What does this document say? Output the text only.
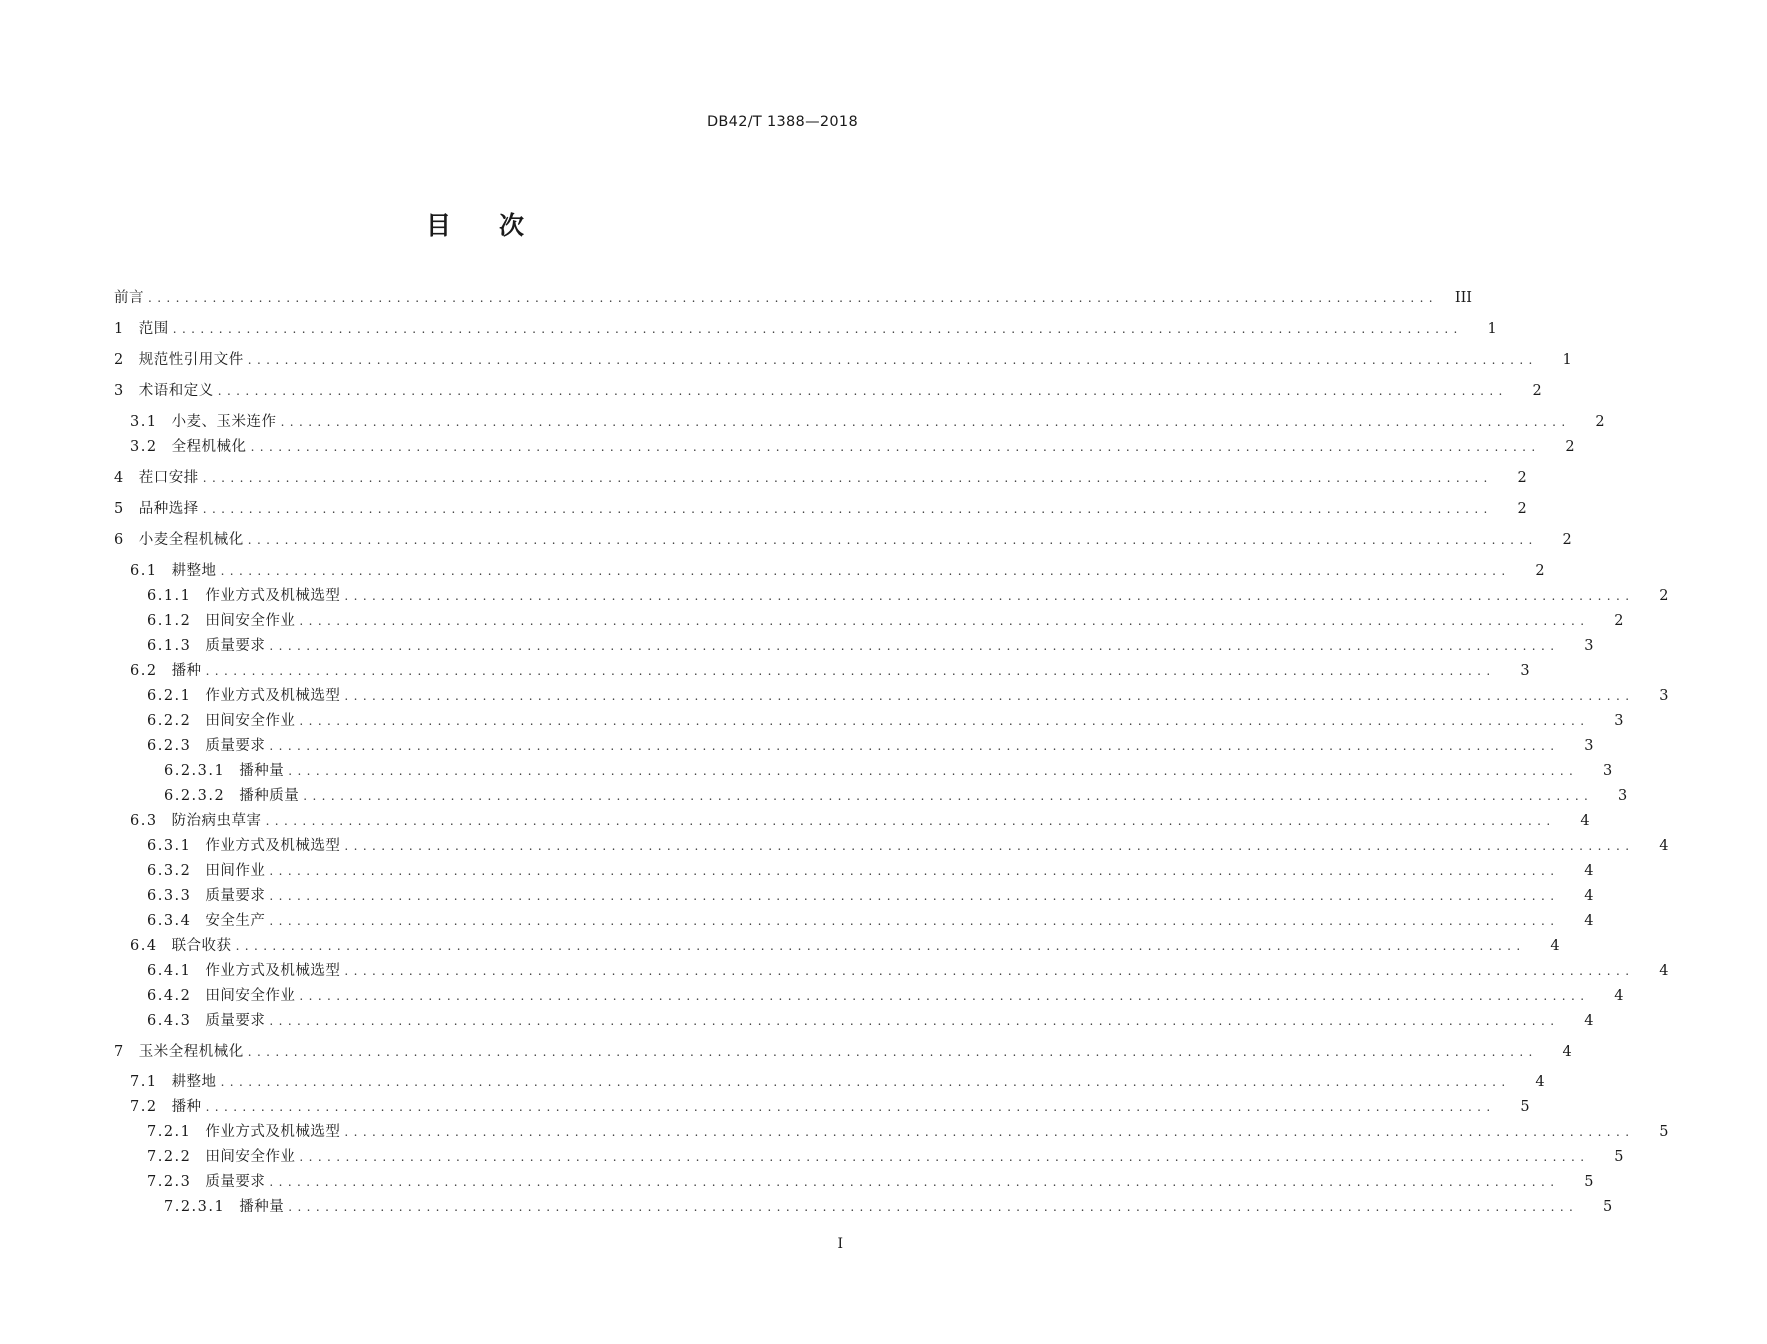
DB42/T 1388—2018
目次
前言 ............................................................................................................................................	III
1 范围 ............................................................................................................................................	1
2 规范性引用文件 ............................................................................................................................................	1
3 术语和定义 ............................................................................................................................................	2
3.1 小麦、玉米连作 ............................................................................................................................................	2
3.2 全程机械化 ............................................................................................................................................	2
4 茬口安排 ............................................................................................................................................	2
5 品种选择 ............................................................................................................................................	2
6 小麦全程机械化 ............................................................................................................................................	2
6.1 耕整地 ............................................................................................................................................	2
6.1.1 作业方式及机械选型 ............................................................................................................................................	2
6.1.2 田间安全作业 ............................................................................................................................................	2
6.1.3 质量要求 ............................................................................................................................................	3
6.2 播种 ............................................................................................................................................	3
6.2.1 作业方式及机械选型 ............................................................................................................................................	3
6.2.2 田间安全作业 ............................................................................................................................................	3
6.2.3 质量要求 ............................................................................................................................................	3
6.2.3.1 播种量 ............................................................................................................................................	3
6.2.3.2 播种质量 ............................................................................................................................................	3
6.3 防治病虫草害 ............................................................................................................................................	4
6.3.1 作业方式及机械选型 ............................................................................................................................................	4
6.3.2 田间作业 ............................................................................................................................................	4
6.3.3 质量要求 ............................................................................................................................................	4
6.3.4 安全生产 ............................................................................................................................................	4
6.4 联合收获 ............................................................................................................................................	4
6.4.1 作业方式及机械选型 ............................................................................................................................................	4
6.4.2 田间安全作业 ............................................................................................................................................	4
6.4.3 质量要求 ............................................................................................................................................	4
7 玉米全程机械化 ............................................................................................................................................	4
7.1 耕整地 ............................................................................................................................................	4
7.2 播种 ............................................................................................................................................	5
7.2.1 作业方式及机械选型 ............................................................................................................................................	5
7.2.2 田间安全作业 ............................................................................................................................................	5
7.2.3 质量要求 ............................................................................................................................................	5
7.2.3.1 播种量 ............................................................................................................................................	5
I
